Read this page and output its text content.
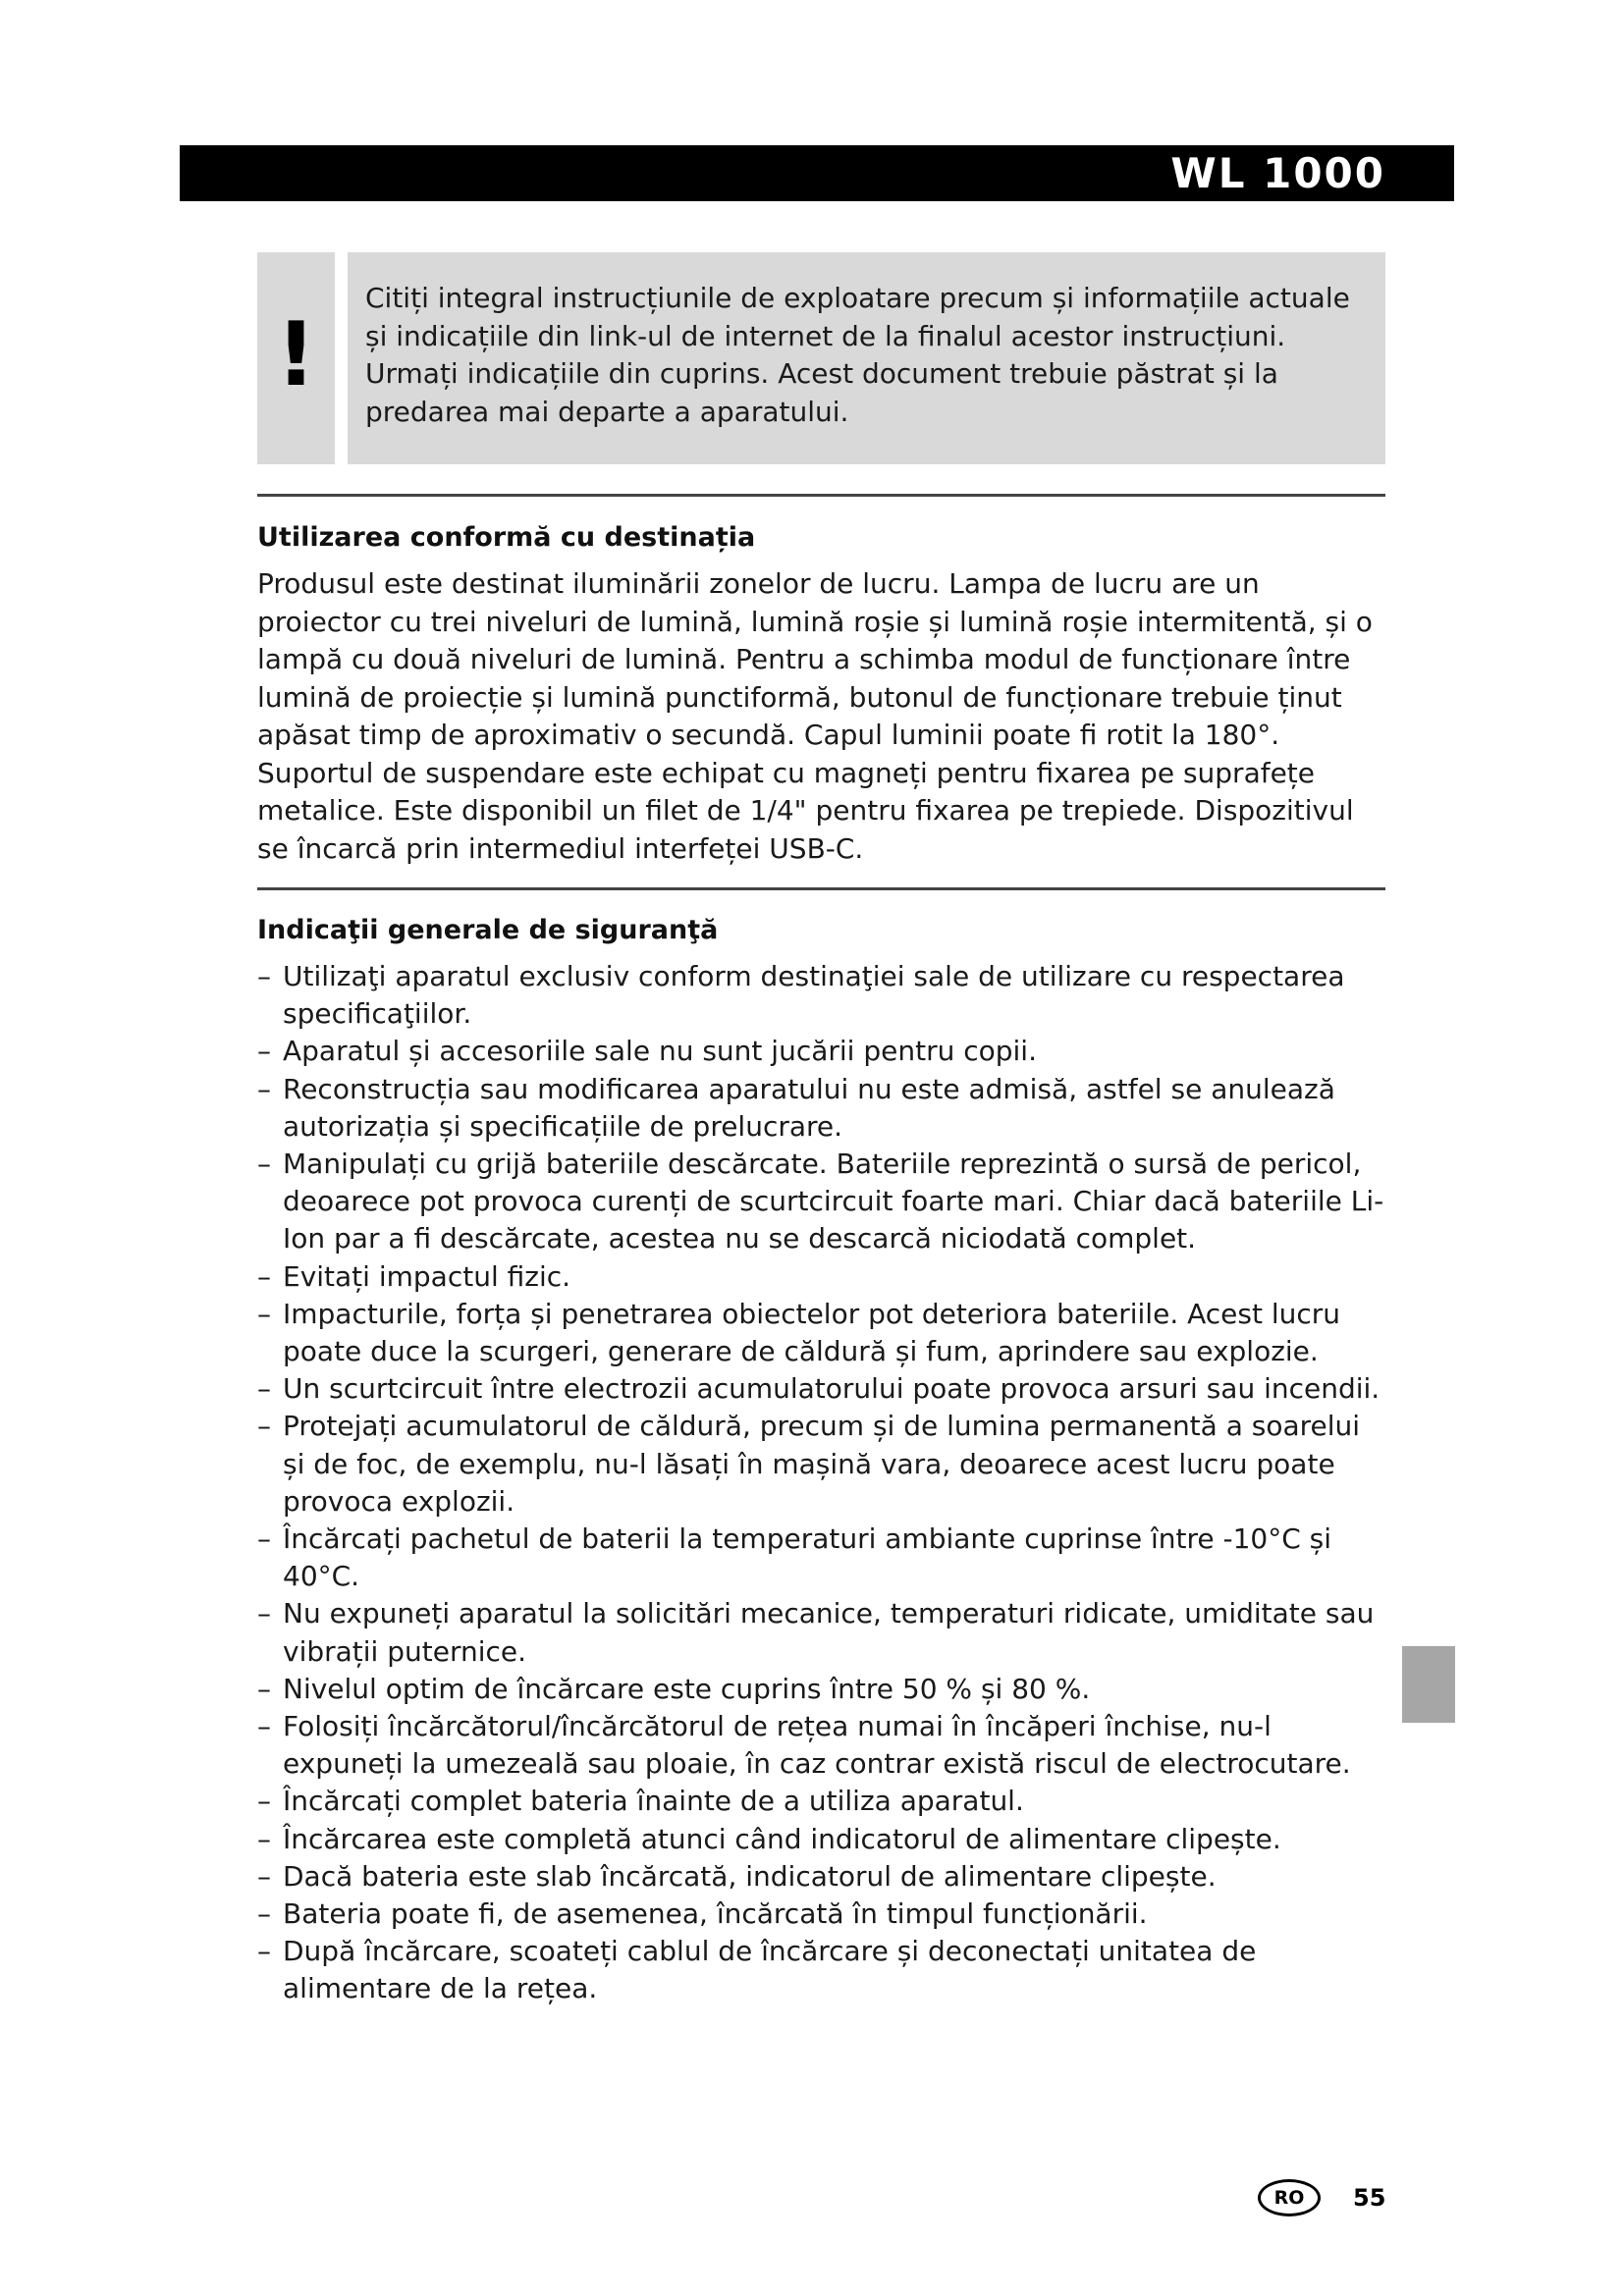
WL 1000
!
Citiți integral instrucțiunile de exploatare precum și informațiile actuale și indicațiile din link-ul de internet de la finalul acestor instrucțiuni. Urmați indicațiile din cuprins. Acest document trebuie păstrat și la predarea mai departe a aparatului.
Utilizarea conformă cu destinația
Produsul este destinat iluminării zonelor de lucru. Lampa de lucru are un proiector cu trei niveluri de lumină, lumină roșie și lumină roșie intermitentă, și o lampă cu două niveluri de lumină. Pentru a schimba modul de funcționare între lumină de proiecție și lumină punctiformă, butonul de funcționare trebuie ținut apăsat timp de aproximativ o secundă. Capul luminii poate fi rotit la 180°. Suportul de suspendare este echipat cu magneți pentru fixarea pe suprafețe metalice. Este disponibil un filet de 1/4" pentru fixarea pe trepiede. Dispozitivul se încarcă prin intermediul interfeței USB-C.
Indicaţii generale de siguranţă
– Utilizaţi aparatul exclusiv conform destinaţiei sale de utilizare cu respectarea specificaţiilor.
– Aparatul și accesoriile sale nu sunt jucării pentru copii.
– Reconstrucția sau modificarea aparatului nu este admisă, astfel se anulează autorizația și specificațiile de prelucrare.
– Manipulați cu grijă bateriile descărcate. Bateriile reprezintă o sursă de pericol, deoarece pot provoca curenți de scurtcircuit foarte mari. Chiar dacă bateriile Li-Ion par a fi descărcate, acestea nu se descarcă niciodată complet.
– Evitați impactul fizic.
– Impacturile, forța și penetrarea obiectelor pot deteriora bateriile. Acest lucru poate duce la scurgeri, generare de căldură și fum, aprindere sau explozie.
– Un scurtcircuit între electrozii acumulatorului poate provoca arsuri sau incendii.
– Protejați acumulatorul de căldură, precum și de lumina permanentă a soarelui și de foc, de exemplu, nu-l lăsați în mașină vara, deoarece acest lucru poate provoca explozii.
– Încărcați pachetul de baterii la temperaturi ambiante cuprinse între -10°C și 40°C.
– Nu expuneți aparatul la solicitări mecanice, temperaturi ridicate, umiditate sau vibrații puternice.
– Nivelul optim de încărcare este cuprins între 50 % și 80 %.
– Folosiți încărcătorul/încărcătorul de rețea numai în încăperi închise, nu-l expuneți la umezeală sau ploaie, în caz contrar există riscul de electrocutare.
– Încărcați complet bateria înainte de a utiliza aparatul.
– Încărcarea este completă atunci când indicatorul de alimentare clipește.
– Dacă bateria este slab încărcată, indicatorul de alimentare clipește.
– Bateria poate fi, de asemenea, încărcată în timpul funcționării.
– După încărcare, scoateți cablul de încărcare și deconectați unitatea de alimentare de la rețea.
RO	55
